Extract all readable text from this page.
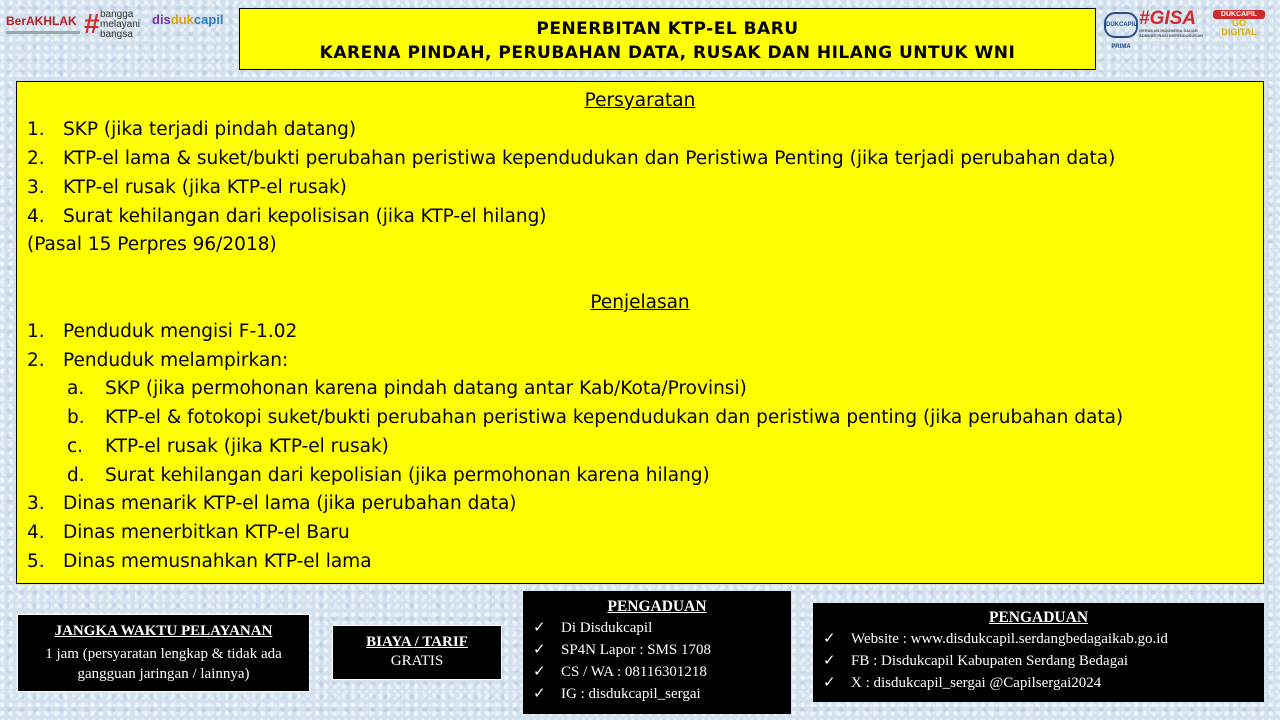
BerAKHLAK # bangga
melayani
bangsa
disdukcapil	DUKCAPIL PRIMA
#GISA
GERAKAN INDONESIA SADAR ADMINISTRASI KEPENDUDUKAN
DUKCAPIL
GO
DIGITAL
PENERBITAN KTP-EL BARU
KARENA PINDAH, PERUBAHAN DATA, RUSAK DAN HILANG UNTUK WNI
Persyaratan
1. SKP (jika terjadi pindah datang)
2. KTP-el lama & suket/bukti perubahan peristiwa kependudukan dan Peristiwa Penting (jika terjadi perubahan data)
3. KTP-el rusak (jika KTP-el rusak)
4. Surat kehilangan dari kepolisisan (jika KTP-el hilang)
(Pasal 15 Perpres 96/2018)
Penjelasan
1. Penduduk mengisi F-1.02
2. Penduduk melampirkan:
a. SKP (jika permohonan karena pindah datang antar Kab/Kota/Provinsi)
b. KTP-el & fotokopi suket/bukti perubahan peristiwa kependudukan dan peristiwa penting (jika perubahan data)
c. KTP-el rusak (jika KTP-el rusak)
d. Surat kehilangan dari kepolisian (jika permohonan karena hilang)
3. Dinas menarik KTP-el lama (jika perubahan data)
4. Dinas menerbitkan KTP-el Baru
5. Dinas memusnahkan KTP-el lama
JANGKA WAKTU PELAYANAN
1 jam (persyaratan lengkap & tidak ada gangguan jaringan / lainnya)
BIAYA / TARIF
GRATIS
PENGADUAN
✓ Di Disdukcapil
✓ SP4N Lapor : SMS 1708
✓ CS / WA : 08116301218
✓ IG : disdukcapil_sergai
PENGADUAN
✓ Website : www.disdukcapil.serdangbedagaikab.go.id
✓ FB : Disdukcapil Kabupaten Serdang Bedagai
✓ X : disdukcapil_sergai @Capilsergai2024
